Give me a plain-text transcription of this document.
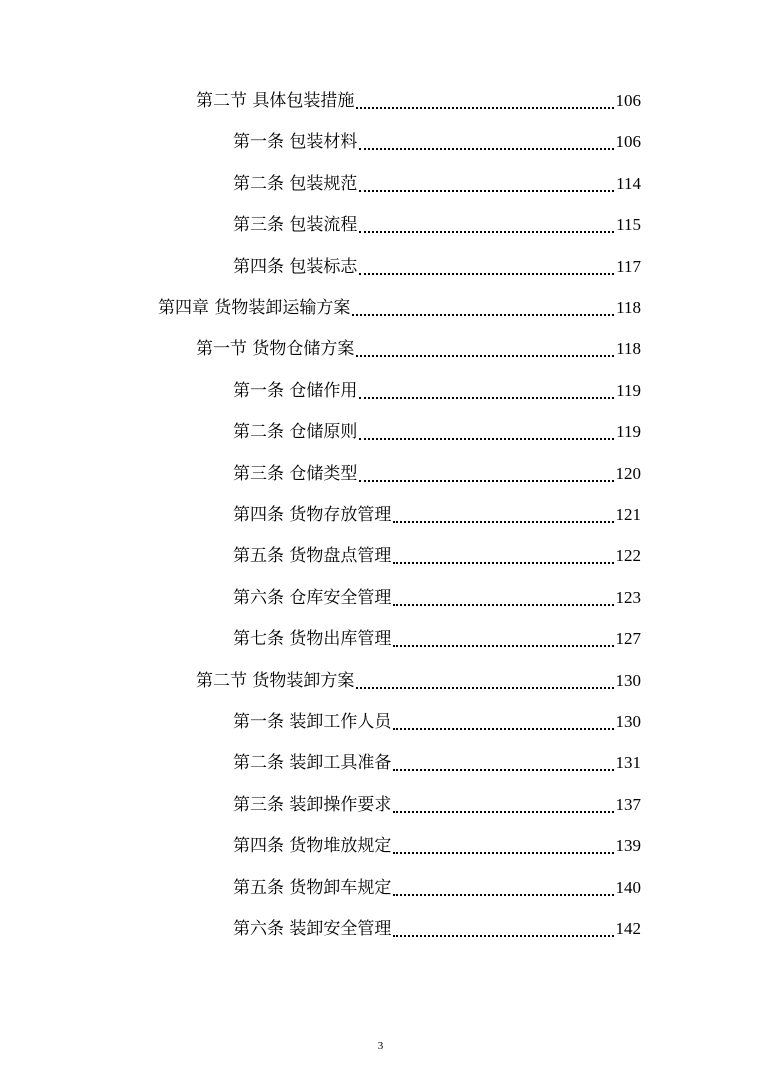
第二节 具体包装措施	106
第一条 包装材料	106
第二条 包装规范	114
第三条 包装流程	115
第四条 包装标志	117
第四章 货物装卸运输方案	118
第一节 货物仓储方案	118
第一条 仓储作用	119
第二条 仓储原则	119
第三条 仓储类型	120
第四条 货物存放管理	121
第五条 货物盘点管理	122
第六条 仓库安全管理	123
第七条 货物出库管理	127
第二节 货物装卸方案	130
第一条 装卸工作人员	130
第二条 装卸工具准备	131
第三条 装卸操作要求	137
第四条 货物堆放规定	139
第五条 货物卸车规定	140
第六条 装卸安全管理	142
3
